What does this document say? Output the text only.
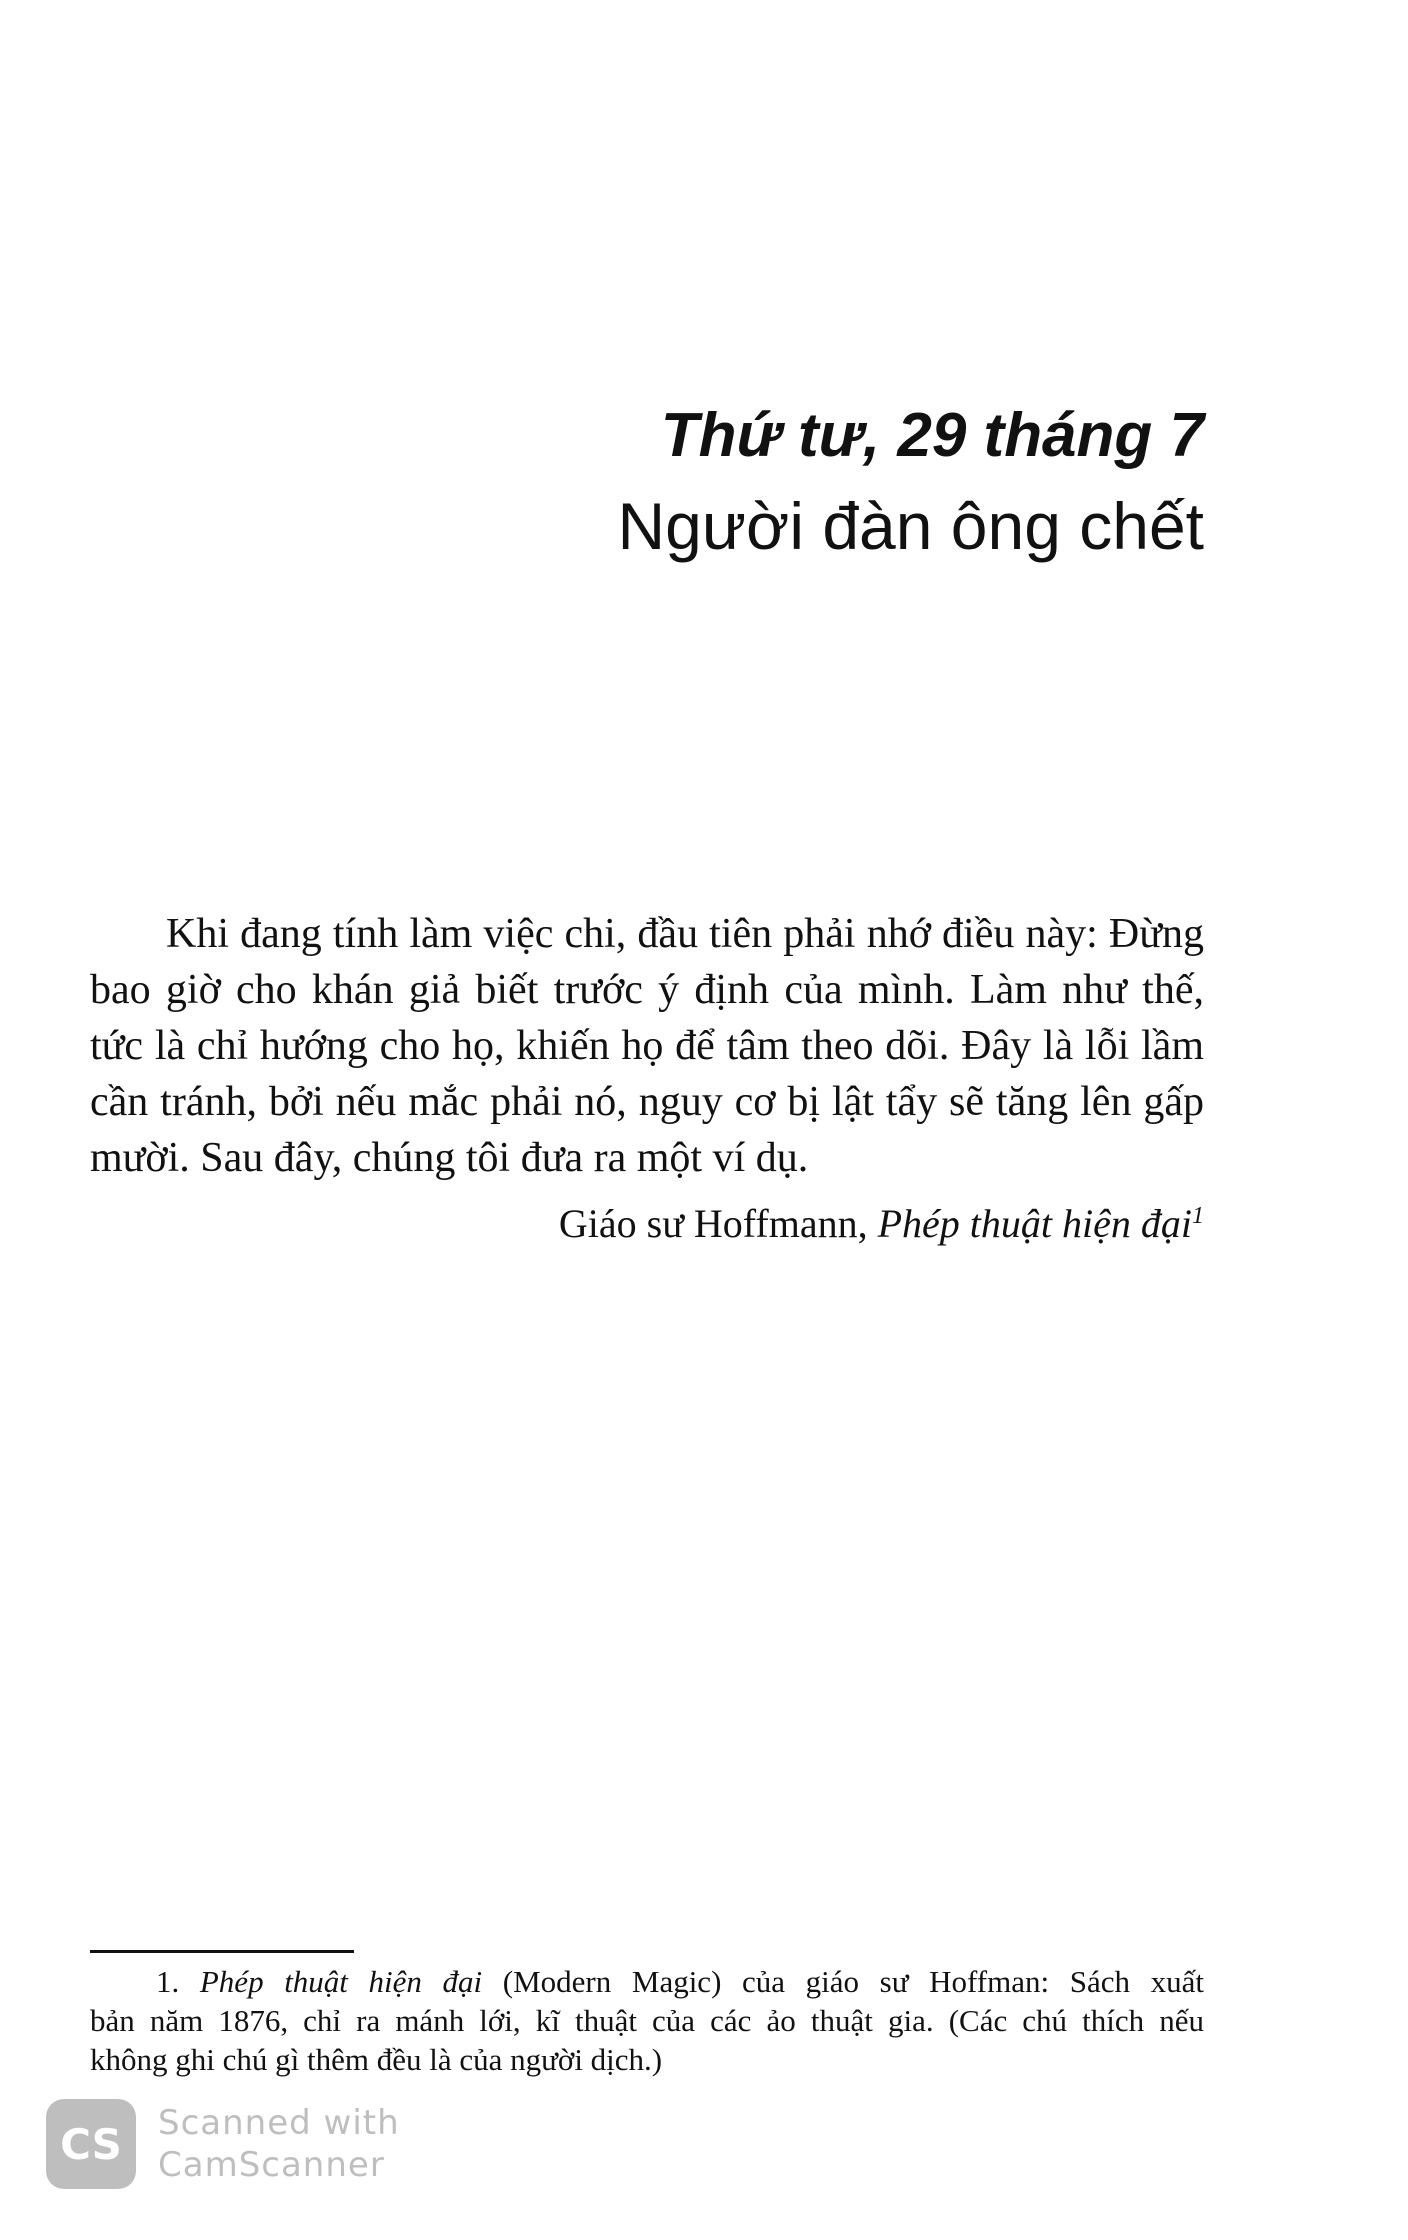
Thứ tư, 29 tháng 7
Người đàn ông chết
Khi đang tính làm việc chi, đầu tiên phải nhớ điều này: Đừng
bao giờ cho khán giả biết trước ý định của mình. Làm như thế,
tức là chỉ hướng cho họ, khiến họ để tâm theo dõi. Đây là lỗi lầm
cần tránh, bởi nếu mắc phải nó, nguy cơ bị lật tẩy sẽ tăng lên gấp
mười. Sau đây, chúng tôi đưa ra một ví dụ.
Giáo sư Hoffmann, Phép thuật hiện đại$^1$
1. Phép thuật hiện đại (Modern Magic) của giáo sư Hoffman: Sách xuất
bản năm 1876, chỉ ra mánh lới, kĩ thuật của các ảo thuật gia. (Các chú thích nếu
không ghi chú gì thêm đều là của người dịch.)
CS Scanned with
CamScanner
